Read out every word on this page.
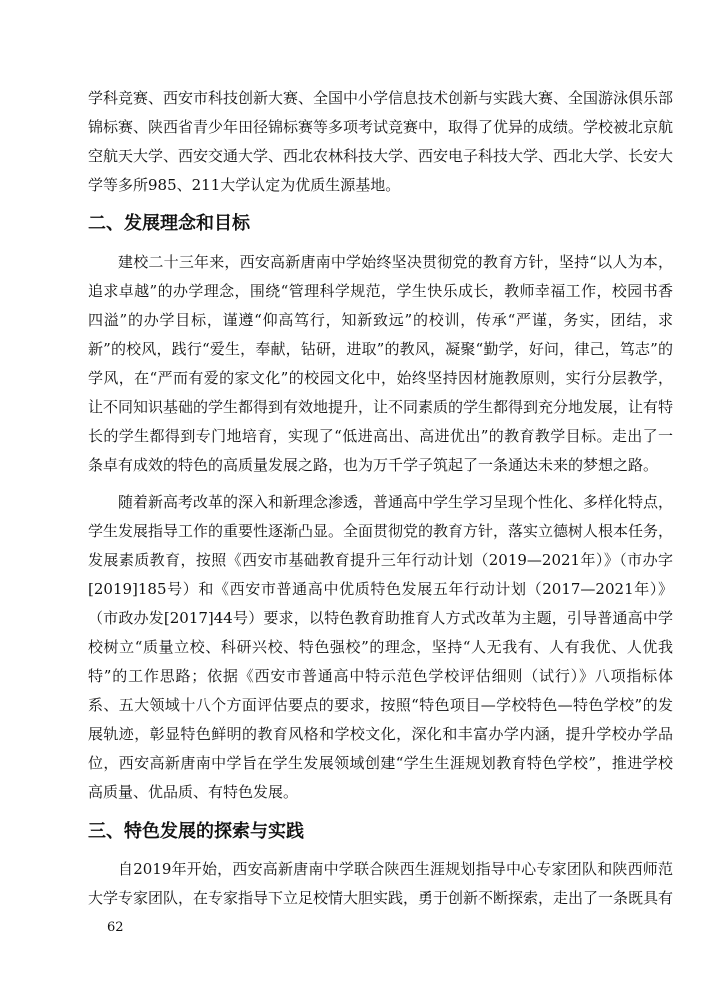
学科竞赛、西安市科技创新大赛、全国中小学信息技术创新与实践大赛、全国游泳俱乐部锦标赛、陕西省青少年田径锦标赛等多项考试竞赛中，取得了优异的成绩。学校被北京航空航天大学、西安交通大学、西北农林科技大学、西安电子科技大学、西北大学、长安大学等多所985、211大学认定为优质生源基地。

二、发展理念和目标

建校二十三年来，西安高新唐南中学始终坚决贯彻党的教育方针，坚持“以人为本，追求卓越”的办学理念，围绕“管理科学规范，学生快乐成长，教师幸福工作，校园书香四溢”的办学目标，谨遵“仰高笃行，知新致远”的校训，传承“严谨，务实，团结，求新”的校风，践行“爱生，奉献，钻研，进取”的教风，凝聚“勤学，好问，律己，笃志”的学风，在“严而有爱的家文化”的校园文化中，始终坚持因材施教原则，实行分层教学，让不同知识基础的学生都得到有效地提升，让不同素质的学生都得到充分地发展，让有特长的学生都得到专门地培育，实现了“低进高出、高进优出”的教育教学目标。走出了一条卓有成效的特色的高质量发展之路，也为万千学子筑起了一条通达未来的梦想之路。

随着新高考改革的深入和新理念渗透，普通高中学生学习呈现个性化、多样化特点，学生发展指导工作的重要性逐渐凸显。全面贯彻党的教育方针，落实立德树人根本任务，发展素质教育，按照《西安市基础教育提升三年行动计划（2019—2021年）》（市办字[2019]185号）和《西安市普通高中优质特色发展五年行动计划（2017—2021年）》（市政办发[2017]44号）要求，以特色教育助推育人方式改革为主题，引导普通高中学校树立“质量立校、科研兴校、特色强校”的理念，坚持“人无我有、人有我优、人优我特”的工作思路；依据《西安市普通高中特示范色学校评估细则（试行）》八项指标体系、五大领域十八个方面评估要点的要求，按照“特色项目—学校特色—特色学校”的发展轨迹，彰显特色鲜明的教育风格和学校文化，深化和丰富办学内涵，提升学校办学品位，西安高新唐南中学旨在学生发展领域创建“学生生涯规划教育特色学校”，推进学校高质量、优品质、有特色发展。

三、特色发展的探索与实践

自2019年开始，西安高新唐南中学联合陕西生涯规划指导中心专家团队和陕西师范大学专家团队，在专家指导下立足校情大胆实践，勇于创新不断探索，走出了一条既具有

62
